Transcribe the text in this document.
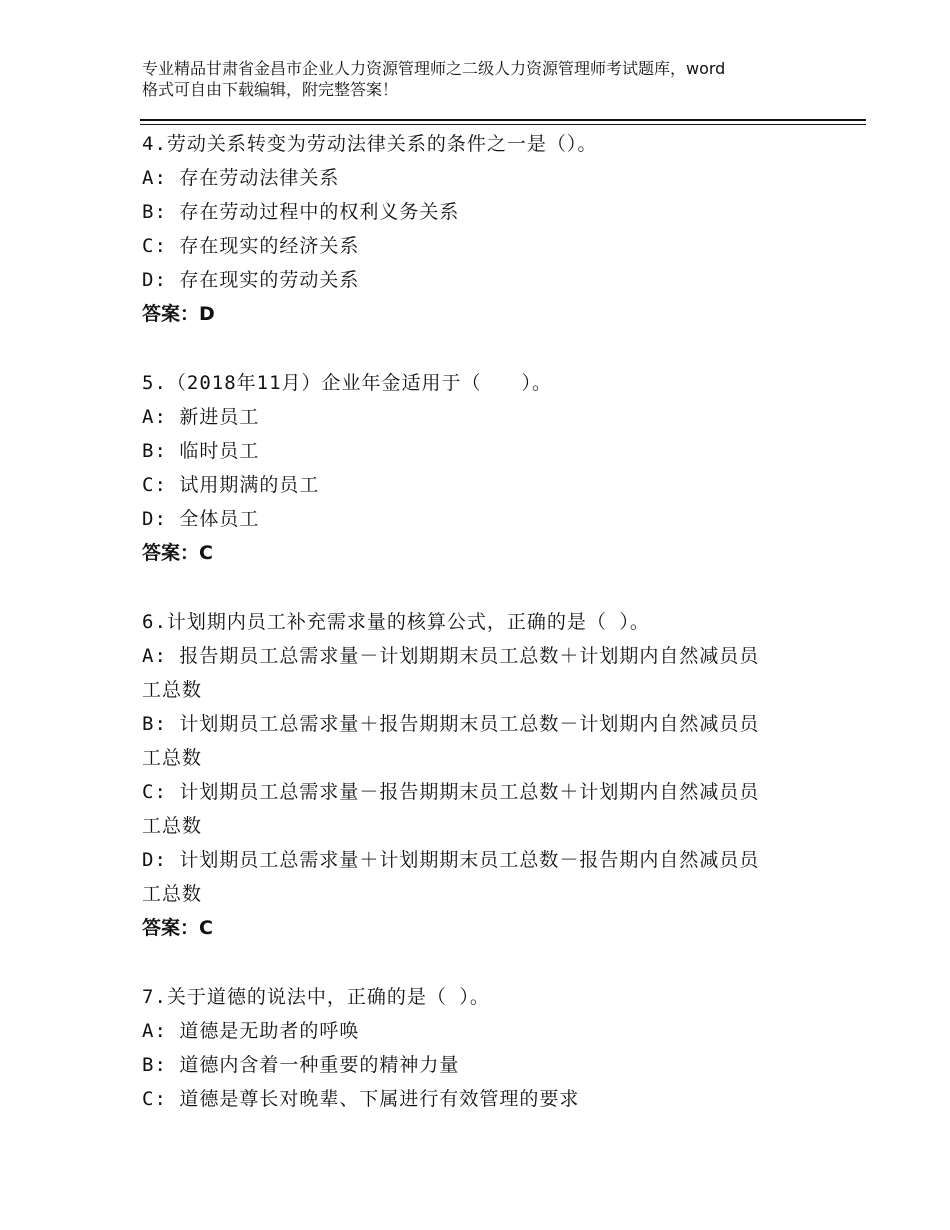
专业精品甘肃省金昌市企业人力资源管理师之二级人力资源管理师考试题库，word
格式可自由下载编辑，附完整答案！
4.劳动关系转变为劳动法律关系的条件之一是（）。
A: 存在劳动法律关系
B: 存在劳动过程中的权利义务关系
C: 存在现实的经济关系
D: 存在现实的劳动关系
答案：D
5.（2018年11月）企业年金适用于（　　）。
A: 新进员工
B: 临时员工
C: 试用期满的员工
D: 全体员工
答案：C
6.计划期内员工补充需求量的核算公式，正确的是（ ）。
A: 报告期员工总需求量－计划期期末员工总数＋计划期内自然减员员
工总数
B: 计划期员工总需求量＋报告期期末员工总数－计划期内自然减员员
工总数
C: 计划期员工总需求量－报告期期末员工总数＋计划期内自然减员员
工总数
D: 计划期员工总需求量＋计划期期末员工总数－报告期内自然减员员
工总数
答案：C
7.关于道德的说法中，正确的是（ ）。
A: 道德是无助者的呼唤
B: 道德内含着一种重要的精神力量
C: 道德是尊长对晚辈、下属进行有效管理的要求
